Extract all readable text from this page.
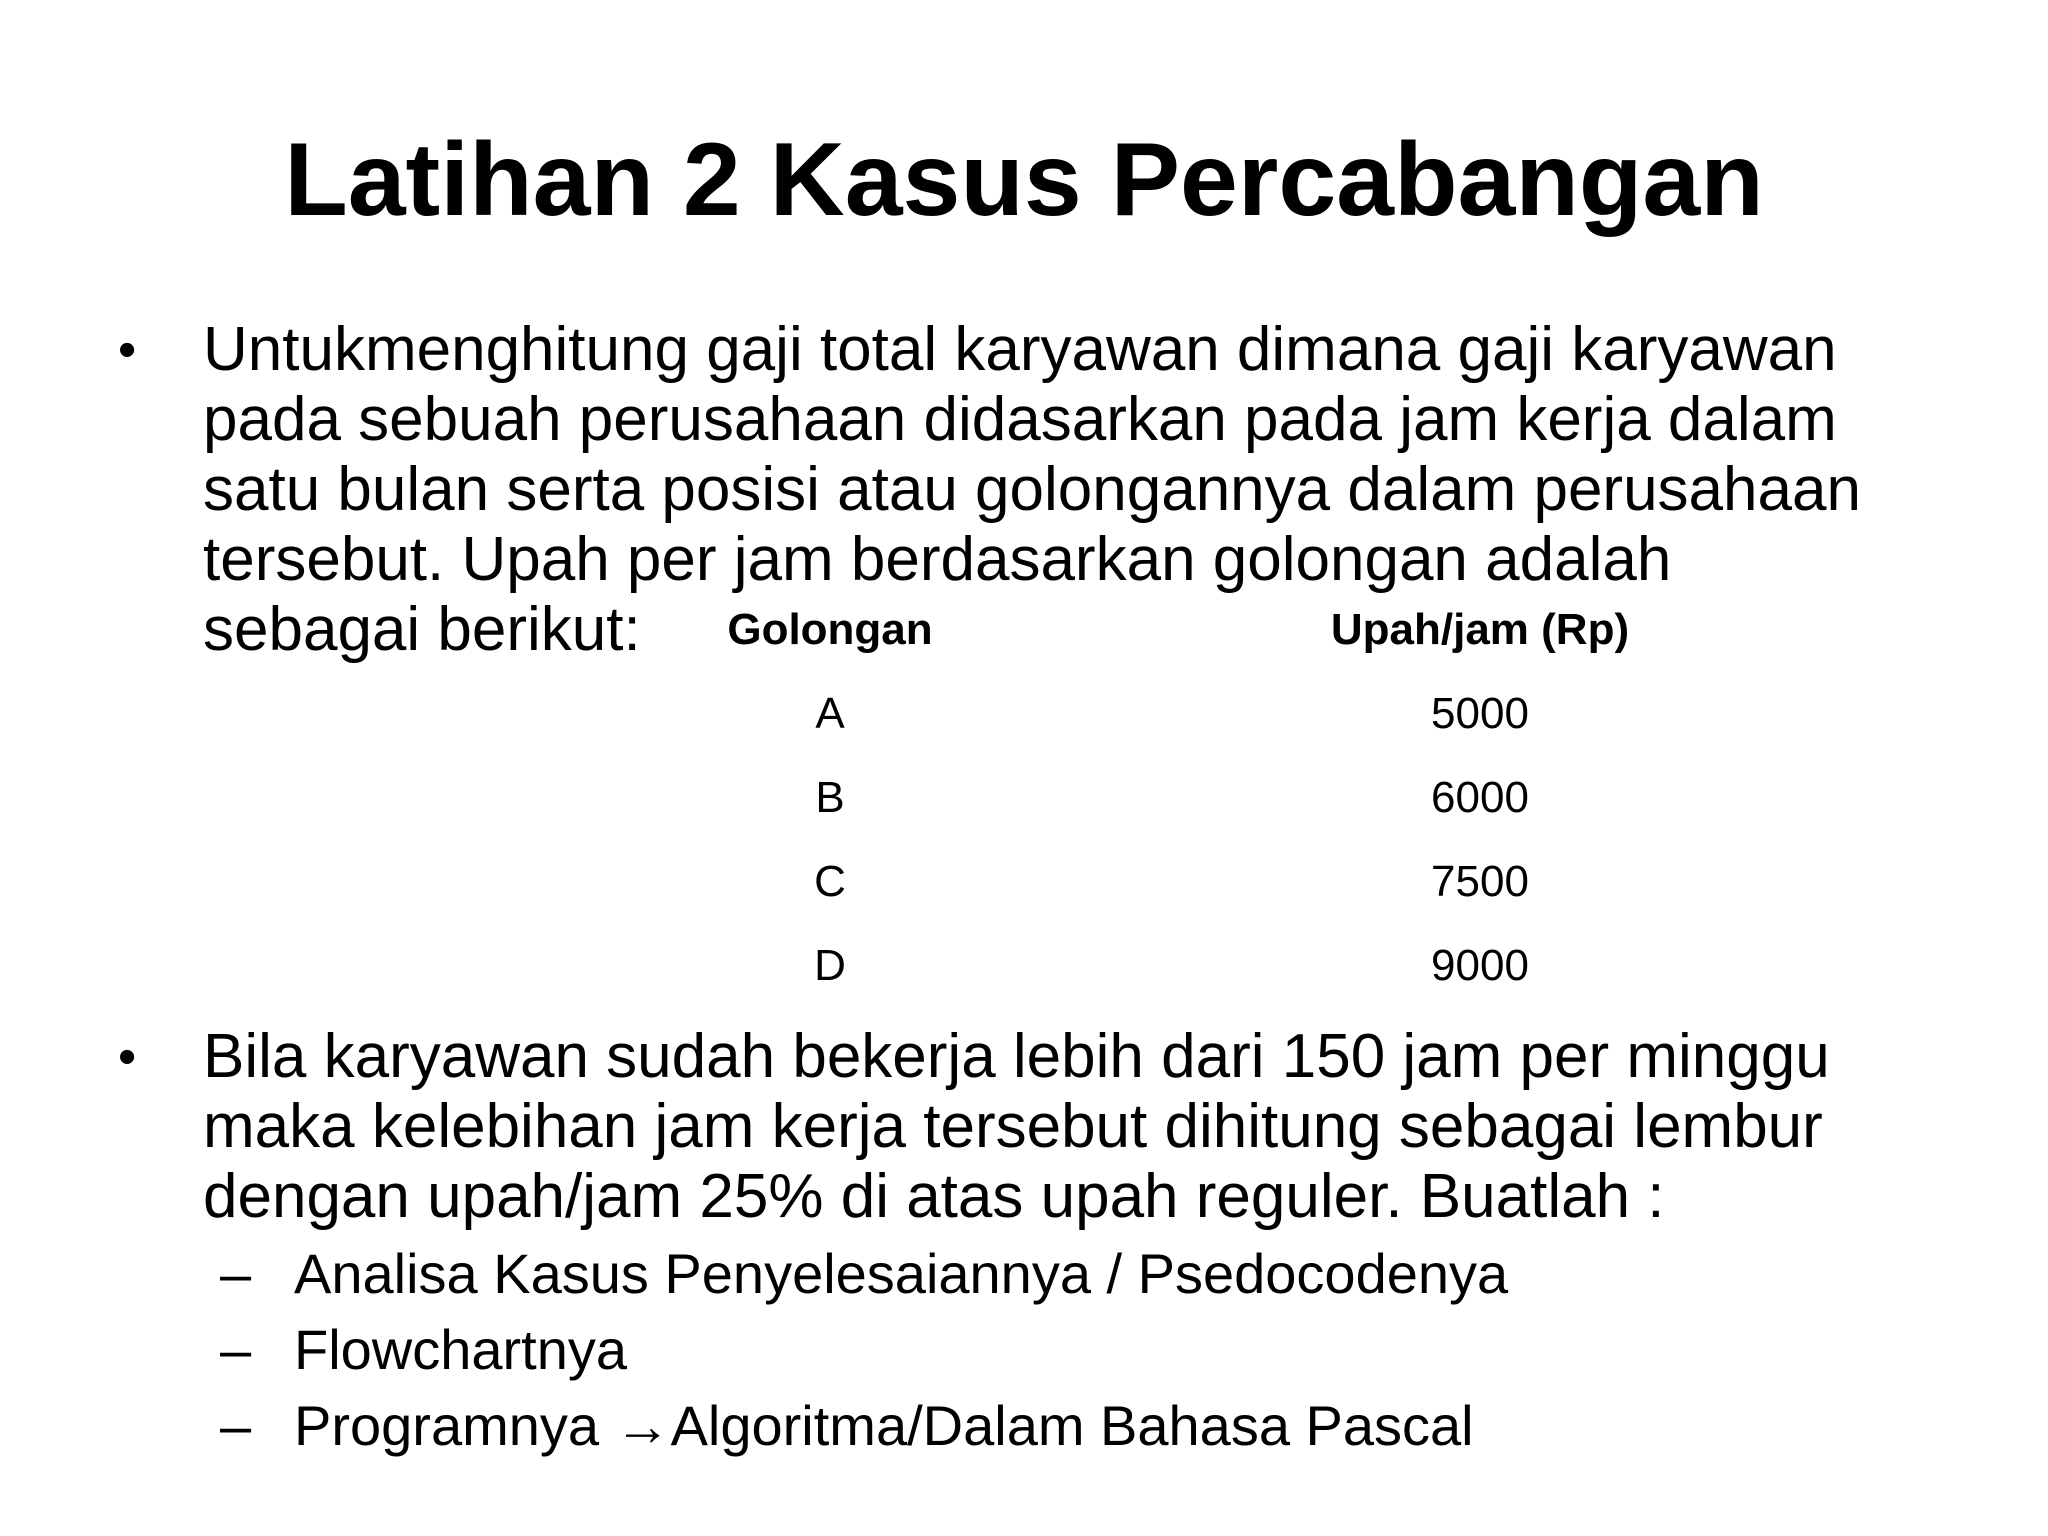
Latihan 2 Kasus Percabangan
•	Untukmenghitung gaji total karyawan dimana gaji karyawan
pada sebuah perusahaan didasarkan pada jam kerja dalam
satu bulan serta posisi atau golongannya dalam perusahaan
tersebut. Upah per jam berdasarkan golongan adalah
sebagai berikut:	Golongan	Upah/jam (Rp)
A	5000
B	6000
C	7500
D	9000
•	Bila karyawan sudah bekerja lebih dari 150 jam per minggu
maka kelebihan jam kerja tersebut dihitung sebagai lembur
dengan upah/jam 25% di atas upah reguler. Buatlah :
– Analisa Kasus Penyelesaiannya / Psedocodenya
– Flowchartnya
– Programnya →Algoritma/Dalam Bahasa Pascal
